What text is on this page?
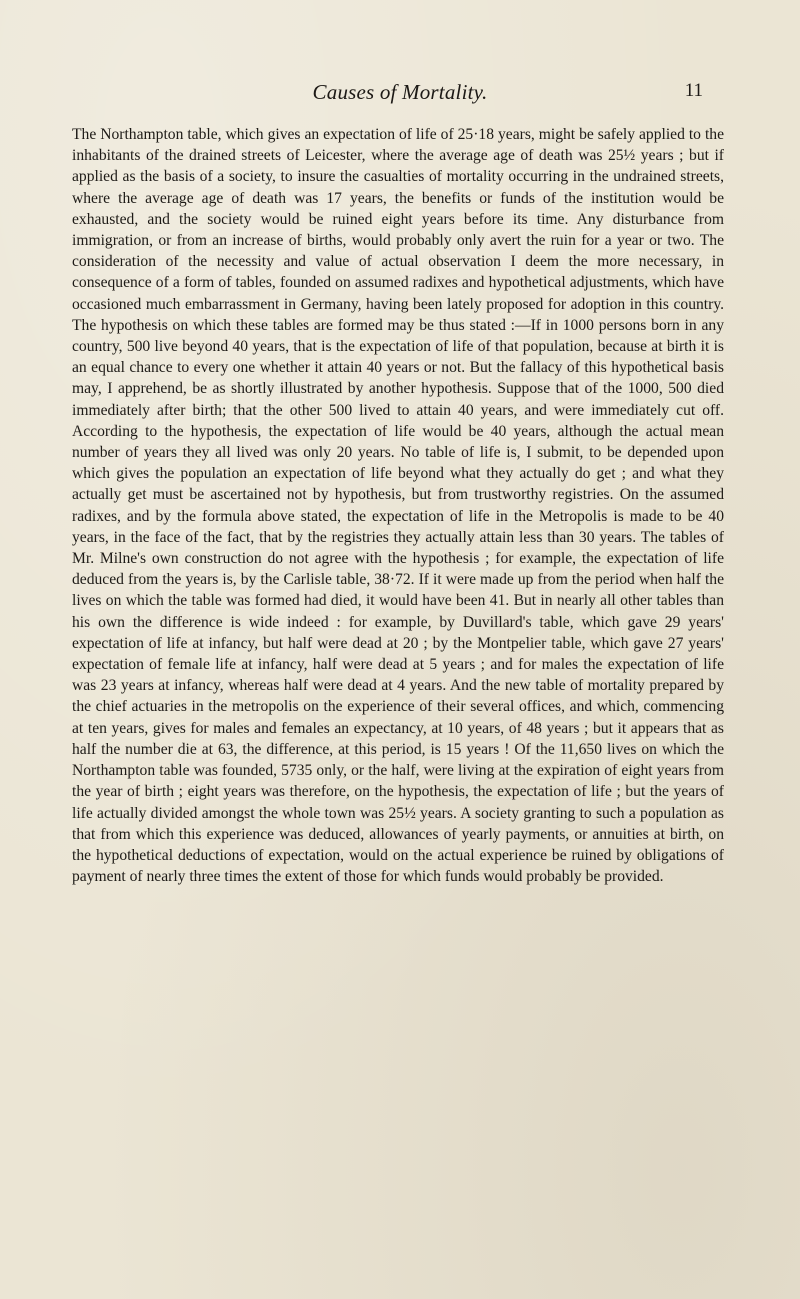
Causes of Mortality.	11

The Northampton table, which gives an expectation of life of 25·18 years, might be safely applied to the inhabitants of the drained streets of Leicester, where the average age of death was 25½ years ; but if applied as the basis of a society, to insure the casualties of mortality occurring in the undrained streets, where the average age of death was 17 years, the benefits or funds of the institution would be exhausted, and the society would be ruined eight years before its time. Any disturbance from immigration, or from an increase of births, would probably only avert the ruin for a year or two. The consideration of the necessity and value of actual observation I deem the more necessary, in consequence of a form of tables, founded on assumed radixes and hypothetical adjustments, which have occasioned much embarrassment in Germany, having been lately proposed for adoption in this country. The hypothesis on which these tables are formed may be thus stated :—If in 1000 persons born in any country, 500 live beyond 40 years, that is the expectation of life of that population, because at birth it is an equal chance to every one whether it attain 40 years or not. But the fallacy of this hypothetical basis may, I apprehend, be as shortly illustrated by another hypothesis. Suppose that of the 1000, 500 died immediately after birth; that the other 500 lived to attain 40 years, and were immediately cut off. According to the hypothesis, the expectation of life would be 40 years, although the actual mean number of years they all lived was only 20 years. No table of life is, I submit, to be depended upon which gives the population an expectation of life beyond what they actually do get ; and what they actually get must be ascertained not by hypothesis, but from trustworthy registries. On the assumed radixes, and by the formula above stated, the expectation of life in the Metropolis is made to be 40 years, in the face of the fact, that by the registries they actually attain less than 30 years. The tables of Mr. Milne's own construction do not agree with the hypothesis ; for example, the expectation of life deduced from the years is, by the Carlisle table, 38·72. If it were made up from the period when half the lives on which the table was formed had died, it would have been 41. But in nearly all other tables than his own the difference is wide indeed : for example, by Duvillard's table, which gave 29 years' expectation of life at infancy, but half were dead at 20 ; by the Montpelier table, which gave 27 years' expectation of female life at infancy, half were dead at 5 years ; and for males the expectation of life was 23 years at infancy, whereas half were dead at 4 years. And the new table of mortality prepared by the chief actuaries in the metropolis on the experience of their several offices, and which, commencing at ten years, gives for males and females an expectancy, at 10 years, of 48 years ; but it appears that as half the number die at 63, the difference, at this period, is 15 years ! Of the 11,650 lives on which the Northampton table was founded, 5735 only, or the half, were living at the expiration of eight years from the year of birth ; eight years was therefore, on the hypothesis, the expectation of life ; but the years of life actually divided amongst the whole town was 25½ years. A society granting to such a population as that from which this experience was deduced, allowances of yearly payments, or annuities at birth, on the hypothetical deductions of expectation, would on the actual experience be ruined by obligations of payment of nearly three times the extent of those for which funds would probably be provided.
